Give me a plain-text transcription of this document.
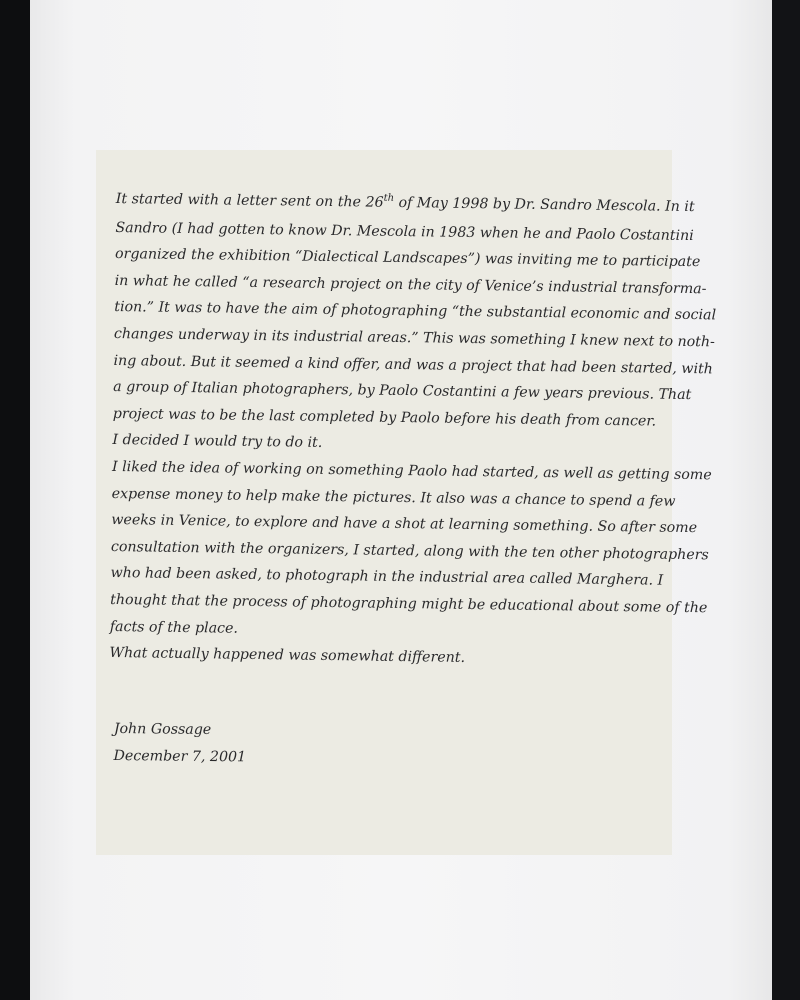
It started with a letter sent on the 26th of May 1998 by Dr. Sandro Mescola. In it
Sandro (I had gotten to know Dr. Mescola in 1983 when he and Paolo Costantini
organized the exhibition “Dialectical Landscapes”) was inviting me to participate
in what he called “a research project on the city of Venice’s industrial transforma-
tion.” It was to have the aim of photographing “the substantial economic and social
changes underway in its industrial areas.” This was something I knew next to noth-
ing about. But it seemed a kind offer, and was a project that had been started, with
a group of Italian photographers, by Paolo Costantini a few years previous. That
project was to be the last completed by Paolo before his death from cancer.
I decided I would try to do it.
I liked the idea of working on something Paolo had started, as well as getting some
expense money to help make the pictures. It also was a chance to spend a few
weeks in Venice, to explore and have a shot at learning something. So after some
consultation with the organizers, I started, along with the ten other photographers
who had been asked, to photograph in the industrial area called Marghera. I
thought that the process of photographing might be educational about some of the
facts of the place.
What actually happened was somewhat different.
John Gossage
December 7, 2001
